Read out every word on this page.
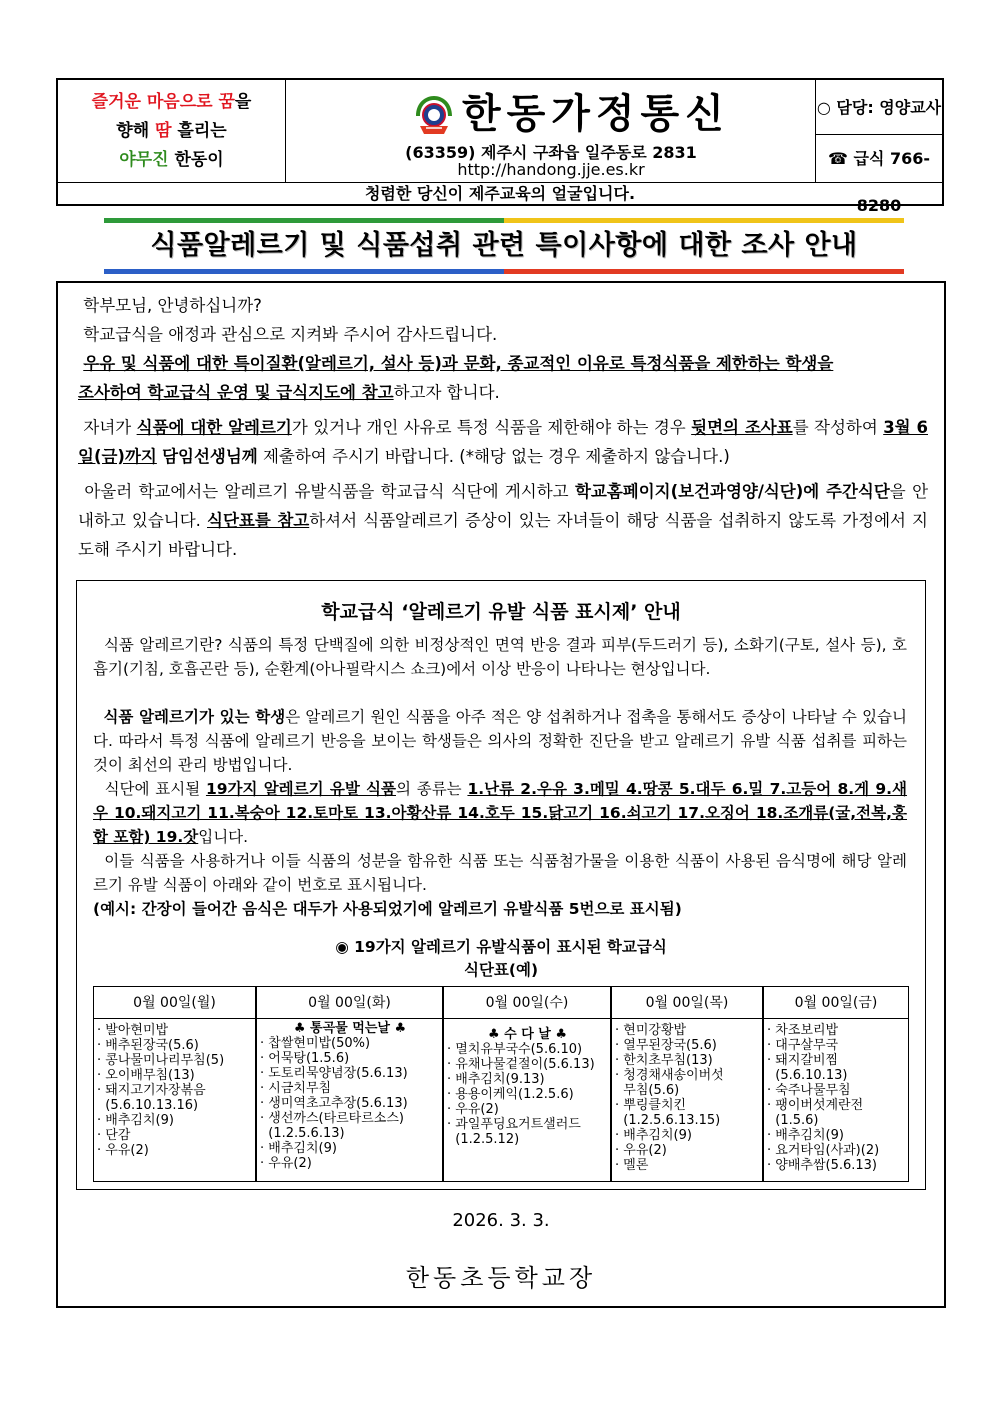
즐거운 마음으로 꿈을
향해 땀 흘리는
야무진 한동이
한동가정통신
(63359) 제주시 구좌읍 일주동로 2831
http://handong.jje.es.kr
○ 담당: 영양교사
☎ 급식 766-8280
청렴한 당신이 제주교육의 얼굴입니다.
식품알레르기 및 식품섭취 관련 특이사항에 대한 조사 안내
학부모님, 안녕하십니까?
학교급식을 애정과 관심으로 지켜봐 주시어 감사드립니다.
우유 및 식품에 대한 특이질환(알레르기, 설사 등)과 문화, 종교적인 이유로 특정식품을 제한하는 학생을
조사하여 학교급식 운영 및 급식지도에 참고하고자 합니다.
자녀가 식품에 대한 알레르기가 있거나 개인 사유로 특정 식품을 제한해야 하는 경우 뒷면의 조사표를 작성하여 3월 6일(금)까지 담임선생님께 제출하여 주시기 바랍니다. (*해당 없는 경우 제출하지 않습니다.)
아울러 학교에서는 알레르기 유발식품을 학교급식 식단에 게시하고 학교홈페이지(보건과영양/식단)에 주간식단을 안내하고 있습니다. 식단표를 참고하셔서 식품알레르기 증상이 있는 자녀들이 해당 식품을 섭취하지 않도록 가정에서 지도해 주시기 바랍니다.
학교급식 ‘알레르기 유발 식품 표시제’ 안내
식품 알레르기란? 식품의 특정 단백질에 의한 비정상적인 면역 반응 결과 피부(두드러기 등), 소화기(구토, 설사 등), 호흡기(기침, 호흡곤란 등), 순환계(아나필락시스 쇼크)에서 이상 반응이 나타나는 현상입니다.
식품 알레르기가 있는 학생은 알레르기 원인 식품을 아주 적은 양 섭취하거나 접촉을 통해서도 증상이 나타날 수 있습니다. 따라서 특정 식품에 알레르기 반응을 보이는 학생들은 의사의 정확한 진단을 받고 알레르기 유발 식품 섭취를 피하는 것이 최선의 관리 방법입니다.
식단에 표시될 19가지 알레르기 유발 식품의 종류는 1.난류 2.우유 3.메밀 4.땅콩 5.대두 6.밀 7.고등어 8.게 9.새우 10.돼지고기 11.복숭아 12.토마토 13.아황산류 14.호두 15.닭고기 16.쇠고기 17.오징어 18.조개류(굴,전복,홍합 포함) 19.잣입니다.
이들 식품을 사용하거나 이들 식품의 성분을 함유한 식품 또는 식품첨가물을 이용한 식품이 사용된 음식명에 해당 알레르기 유발 식품이 아래와 같이 번호로 표시됩니다.
(예시: 간장이 들어간 음식은 대두가 사용되었기에 알레르기 유발식품 5번으로 표시됨)
◉ 19가지 알레르기 유발식품이 표시된 학교급식
식단표(예)
0월 00일(월)
· 발아현미밥
· 배추된장국(5.6)
· 콩나물미나리무침(5)
· 오이배무침(13)
· 돼지고기자장볶음
(5.6.10.13.16)
· 배추김치(9)
· 단감
· 우유(2)
0월 00일(화)
♣ 통곡물 먹는날 ♣
· 찹쌀현미밥(50%)
· 어묵탕(1.5.6)
· 도토리묵양념장(5.6.13)
· 시금치무침
· 생미역초고추장(5.6.13)
· 생선까스(타르타르소스)
(1.2.5.6.13)
· 배추김치(9)
· 우유(2)
0월 00일(수)
♣ 수 다 날 ♣
· 멸치유부국수(5.6.10)
· 유채나물겉절이(5.6.13)
· 배추김치(9.13)
· 용용이케익(1.2.5.6)
· 우유(2)
· 과일푸딩요거트샐러드
(1.2.5.12)
0월 00일(목)
· 현미강황밥
· 열무된장국(5.6)
· 한치초무침(13)
· 청경채새송이버섯
무침(5.6)
· 뿌링클치킨
(1.2.5.6.13.15)
· 배추김치(9)
· 우유(2)
· 멜론
0월 00일(금)
· 차조보리밥
· 대구살무국
· 돼지갈비찜
(5.6.10.13)
· 숙주나물무침
· 팽이버섯계란전
(1.5.6)
· 배추김치(9)
· 요거타임(사과)(2)
· 양배추쌈(5.6.13)
2026. 3. 3.
한동초등학교장
